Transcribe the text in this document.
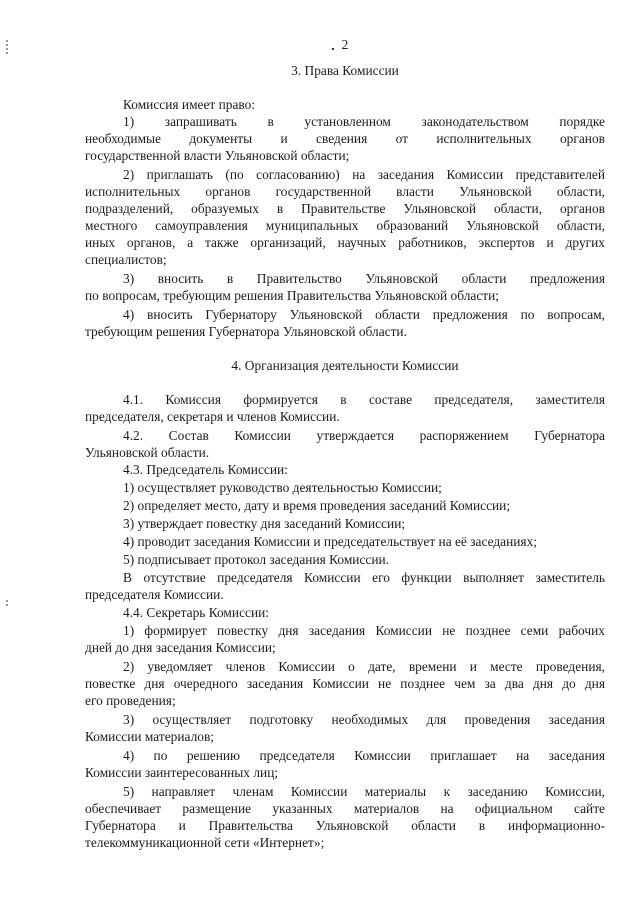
2
3. Права Комиссии
Комиссия имеет право:
1) запрашивать в установленном законодательством порядке
необходимые документы и сведения от исполнительных органов
государственной власти Ульяновской области;
2) приглашать (по согласованию) на заседания Комиссии представителей
исполнительных органов государственной власти Ульяновской области,
подразделений, образуемых в Правительстве Ульяновской области, органов
местного самоуправления муниципальных образований Ульяновской области,
иных органов, а также организаций, научных работников, экспертов и других
специалистов;
3) вносить в Правительство Ульяновской области предложения
по вопросам, требующим решения Правительства Ульяновской области;
4) вносить Губернатору Ульяновской области предложения по вопросам,
требующим решения Губернатора Ульяновской области.
4. Организация деятельности Комиссии
4.1. Комиссия формируется в составе председателя, заместителя
председателя, секретаря и членов Комиссии.
4.2. Состав Комиссии утверждается распоряжением Губернатора
Ульяновской области.
4.3. Председатель Комиссии:
1) осуществляет руководство деятельностью Комиссии;
2) определяет место, дату и время проведения заседаний Комиссии;
3) утверждает повестку дня заседаний Комиссии;
4) проводит заседания Комиссии и председательствует на её заседаниях;
5) подписывает протокол заседания Комиссии.
В отсутствие председателя Комиссии его функции выполняет заместитель
председателя Комиссии.
4.4. Секретарь Комиссии:
1) формирует повестку дня заседания Комиссии не позднее семи рабочих
дней до дня заседания Комиссии;
2) уведомляет членов Комиссии о дате, времени и месте проведения,
повестке дня очередного заседания Комиссии не позднее чем за два дня до дня
его проведения;
3) осуществляет подготовку необходимых для проведения заседания
Комиссии материалов;
4) по решению председателя Комиссии приглашает на заседания
Комиссии заинтересованных лиц;
5) направляет членам Комиссии материалы к заседанию Комиссии,
обеспечивает размещение указанных материалов на официальном сайте
Губернатора и Правительства Ульяновской области в информационно-
телекоммуникационной сети «Интернет»;
